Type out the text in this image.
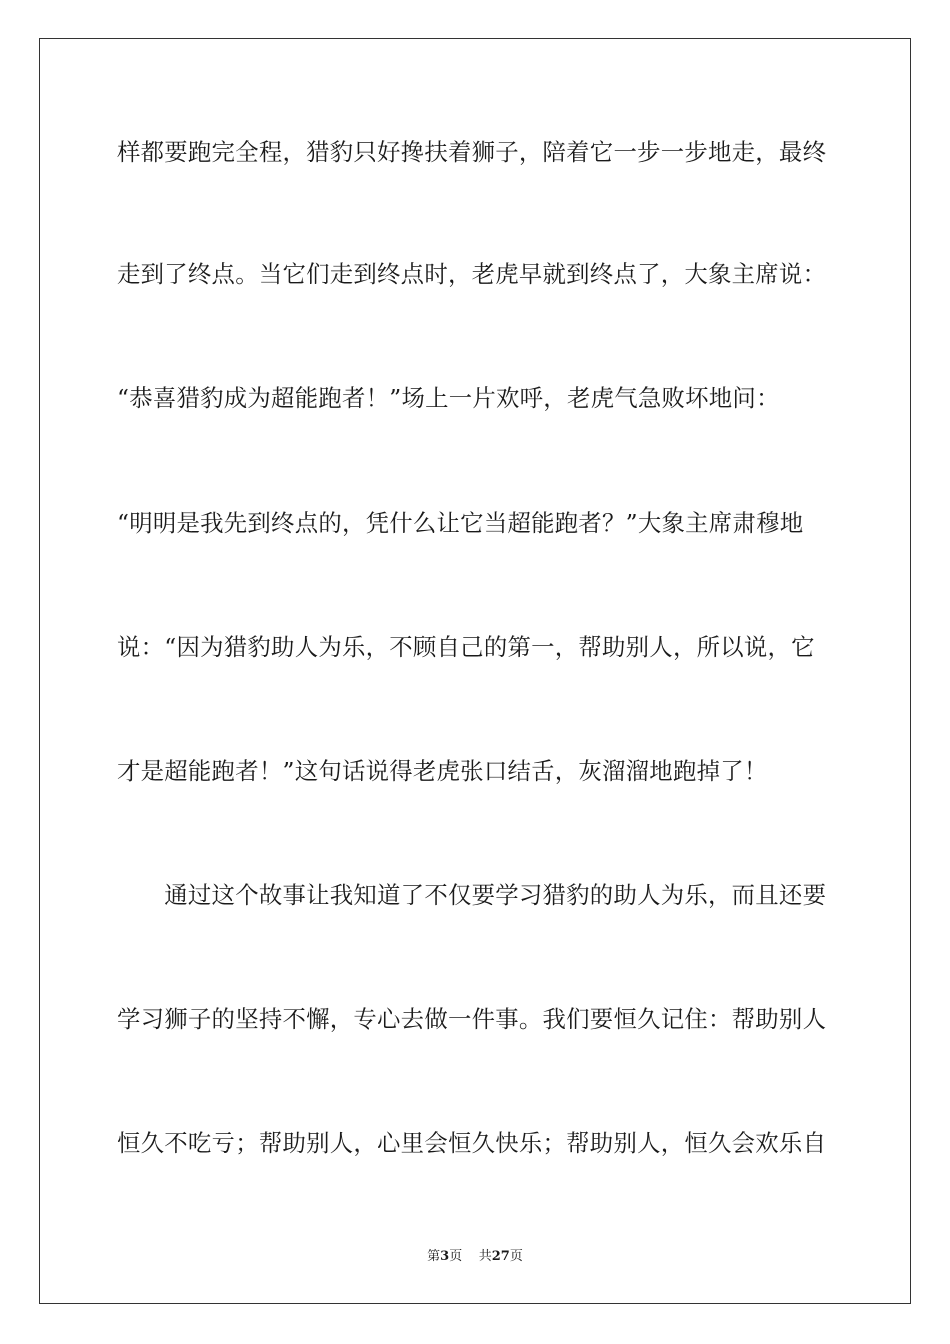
样都要跑完全程，猎豹只好搀扶着狮子，陪着它一步一步地走，最终

走到了终点。当它们走到终点时，老虎早就到终点了，大象主席说：

“恭喜猎豹成为超能跑者！”场上一片欢呼，老虎气急败坏地问：

“明明是我先到终点的，凭什么让它当超能跑者？”大象主席肃穆地

说：“因为猎豹助人为乐，不顾自己的第一，帮助别人，所以说，它

才是超能跑者！”这句话说得老虎张口结舌，灰溜溜地跑掉了！

　　通过这个故事让我知道了不仅要学习猎豹的助人为乐，而且还要

学习狮子的坚持不懈，专心去做一件事。我们要恒久记住：帮助别人

恒久不吃亏；帮助别人，心里会恒久快乐；帮助别人，恒久会欢乐自

第3页 共27页
